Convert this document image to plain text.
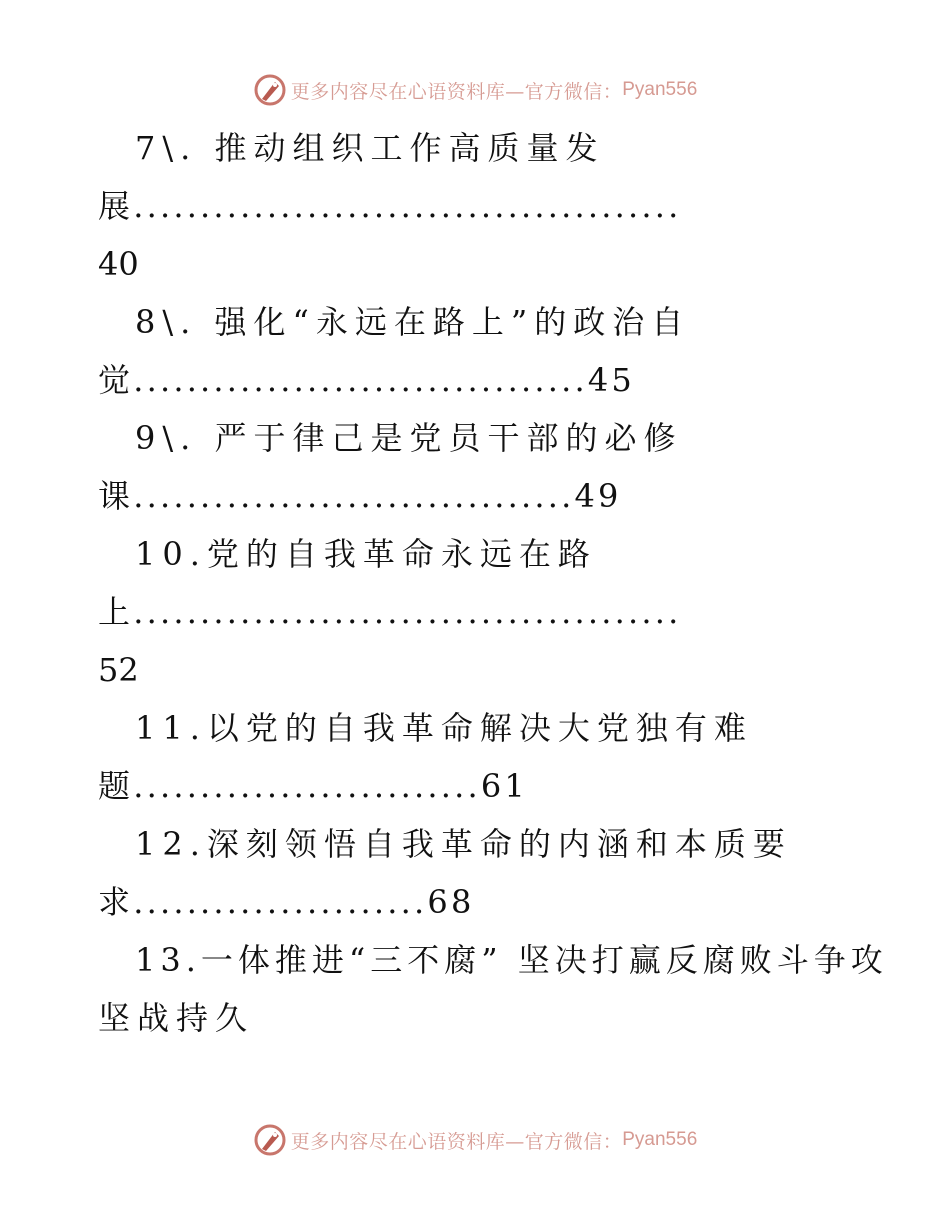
更多内容尽在心语资料库—官方微信： Pyan556
7\. 推动组织工作高质量发
展.........................................
40
8\. 强化“永远在路上”的政治自
觉..................................45
9\. 严于律己是党员干部的必修
课.................................49
10.党的自我革命永远在路
上.........................................
52
11.以党的自我革命解决大党独有难
题..........................61
12.深刻领悟自我革命的内涵和本质要
求......................68
13.一体推进“三不腐” 坚决打赢反腐败斗争攻
坚战持久
更多内容尽在心语资料库—官方微信： Pyan556
